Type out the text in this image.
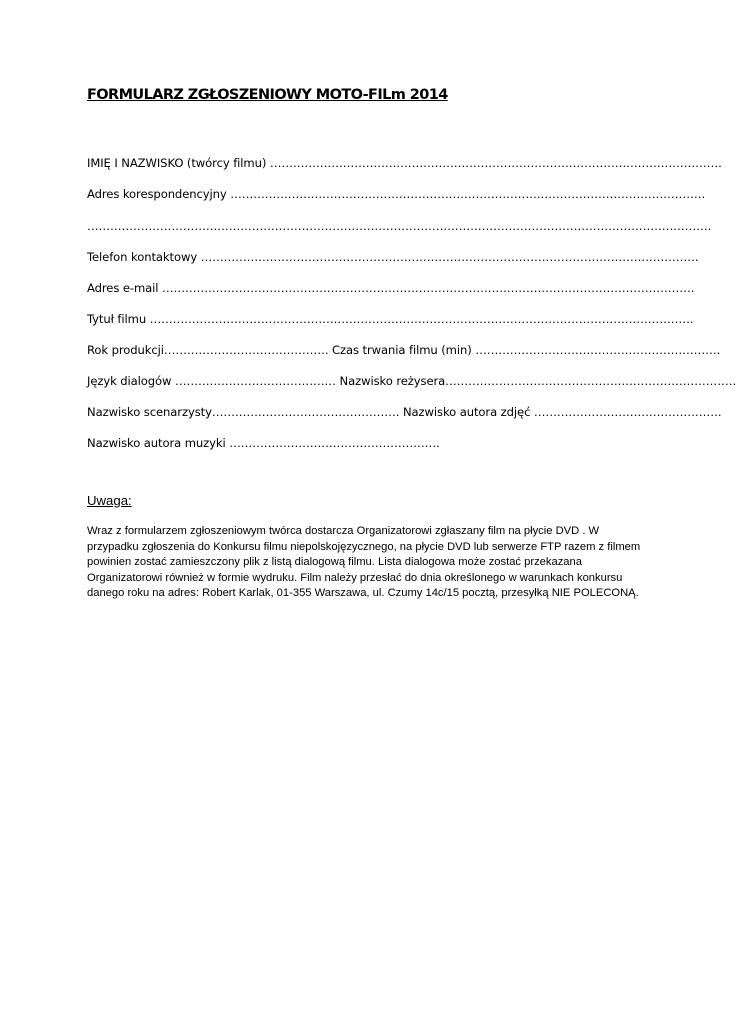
FORMULARZ ZGŁOSZENIOWY MOTO-FILm 2014
IMIĘ I NAZWISKO (twórcy filmu) ……………………………………………………………………………………………………….
Adres korespondencyjny …………………………………………………………………………………………………………….
……………………………………………………………………………………………………………………………………………….
Telefon kontaktowy ………………………………………………………………………………………………………………….
Adres e-mail ………………………………………………………………………………………………………………………….
Tytuł filmu …………………………………………………………………………………………………………………………….
Rok produkcji……………………………………. Czas trwania filmu (min) ……………………………………………………….
Język dialogów …………………………………… Nazwisko reżysera………………………………………………………………….
Nazwisko scenarzysty…………………………………………. Nazwisko autora zdjęć ………………………………………….
Nazwisko autora muzyki ……………………………………………….
Uwaga:
Wraz z formularzem zgłoszeniowym twórca dostarcza Organizatorowi zgłaszany film na płycie DVD . W
przypadku zgłoszenia do Konkursu filmu niepolskojęzycznego, na płycie DVD lub serwerze FTP razem z filmem
powinien zostać zamieszczony plik z listą dialogową filmu. Lista dialogowa może zostać przekazana
Organizatorowi również w formie wydruku. Film należy przesłać do dnia określonego w warunkach konkursu
danego roku na adres: Robert Karlak, 01-355 Warszawa, ul. Czumy 14c/15 pocztą, przesyłką NIE POLECONĄ.
